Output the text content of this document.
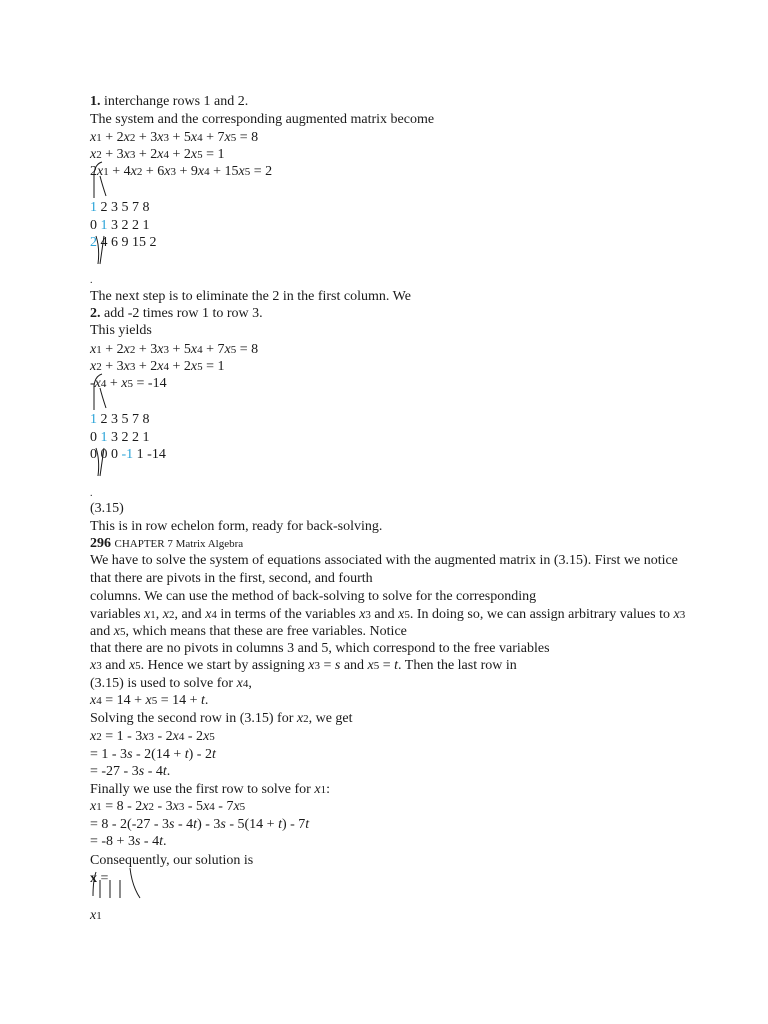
1. interchange rows 1 and 2.
The system and the corresponding augmented matrix become
x1 + 2x2 + 3x3 + 5x4 + 7x5 = 8
x2 + 3x3 + 2x4 + 2x5 = 1
2x1 + 4x2 + 6x3 + 9x4 + 15x5 = 2
1 2 3 5 7 8
0 1 3 2 2 1
2 4 6 9 15 2
.
The next step is to eliminate the 2 in the first column. We
2. add -2 times row 1 to row 3.
This yields
x1 + 2x2 + 3x3 + 5x4 + 7x5 = 8
x2 + 3x3 + 2x4 + 2x5 = 1
-x4 + x5 = -14
1 2 3 5 7 8
0 1 3 2 2 1
0 0 0 -1 1 -14
.
(3.15)
This is in row echelon form, ready for back-solving.
296 CHAPTER 7 Matrix Algebra
We have to solve the system of equations associated with the augmented matrix in (3.15). First we notice
that there are pivots in the first, second, and fourth
columns. We can use the method of back-solving to solve for the corresponding
variables x1, x2, and x4 in terms of the variables x3 and x5. In doing so, we can assign arbitrary values to x3
and x5, which means that these are free variables. Notice
that there are no pivots in columns 3 and 5, which correspond to the free variables
x3 and x5. Hence we start by assigning x3 = s and x5 = t. Then the last row in
(3.15) is used to solve for x4,
x4 = 14 + x5 = 14 + t.
Solving the second row in (3.15) for x2, we get
x2 = 1 - 3x3 - 2x4 - 2x5
= 1 - 3s - 2(14 + t) - 2t
= -27 - 3s - 4t.
Finally we use the first row to solve for x1:
x1 = 8 - 2x2 - 3x3 - 5x4 - 7x5
= 8 - 2(-27 - 3s - 4t) - 3s - 5(14 + t) - 7t
= -8 + 3s - 4t.
Consequently, our solution is
x =
x1
